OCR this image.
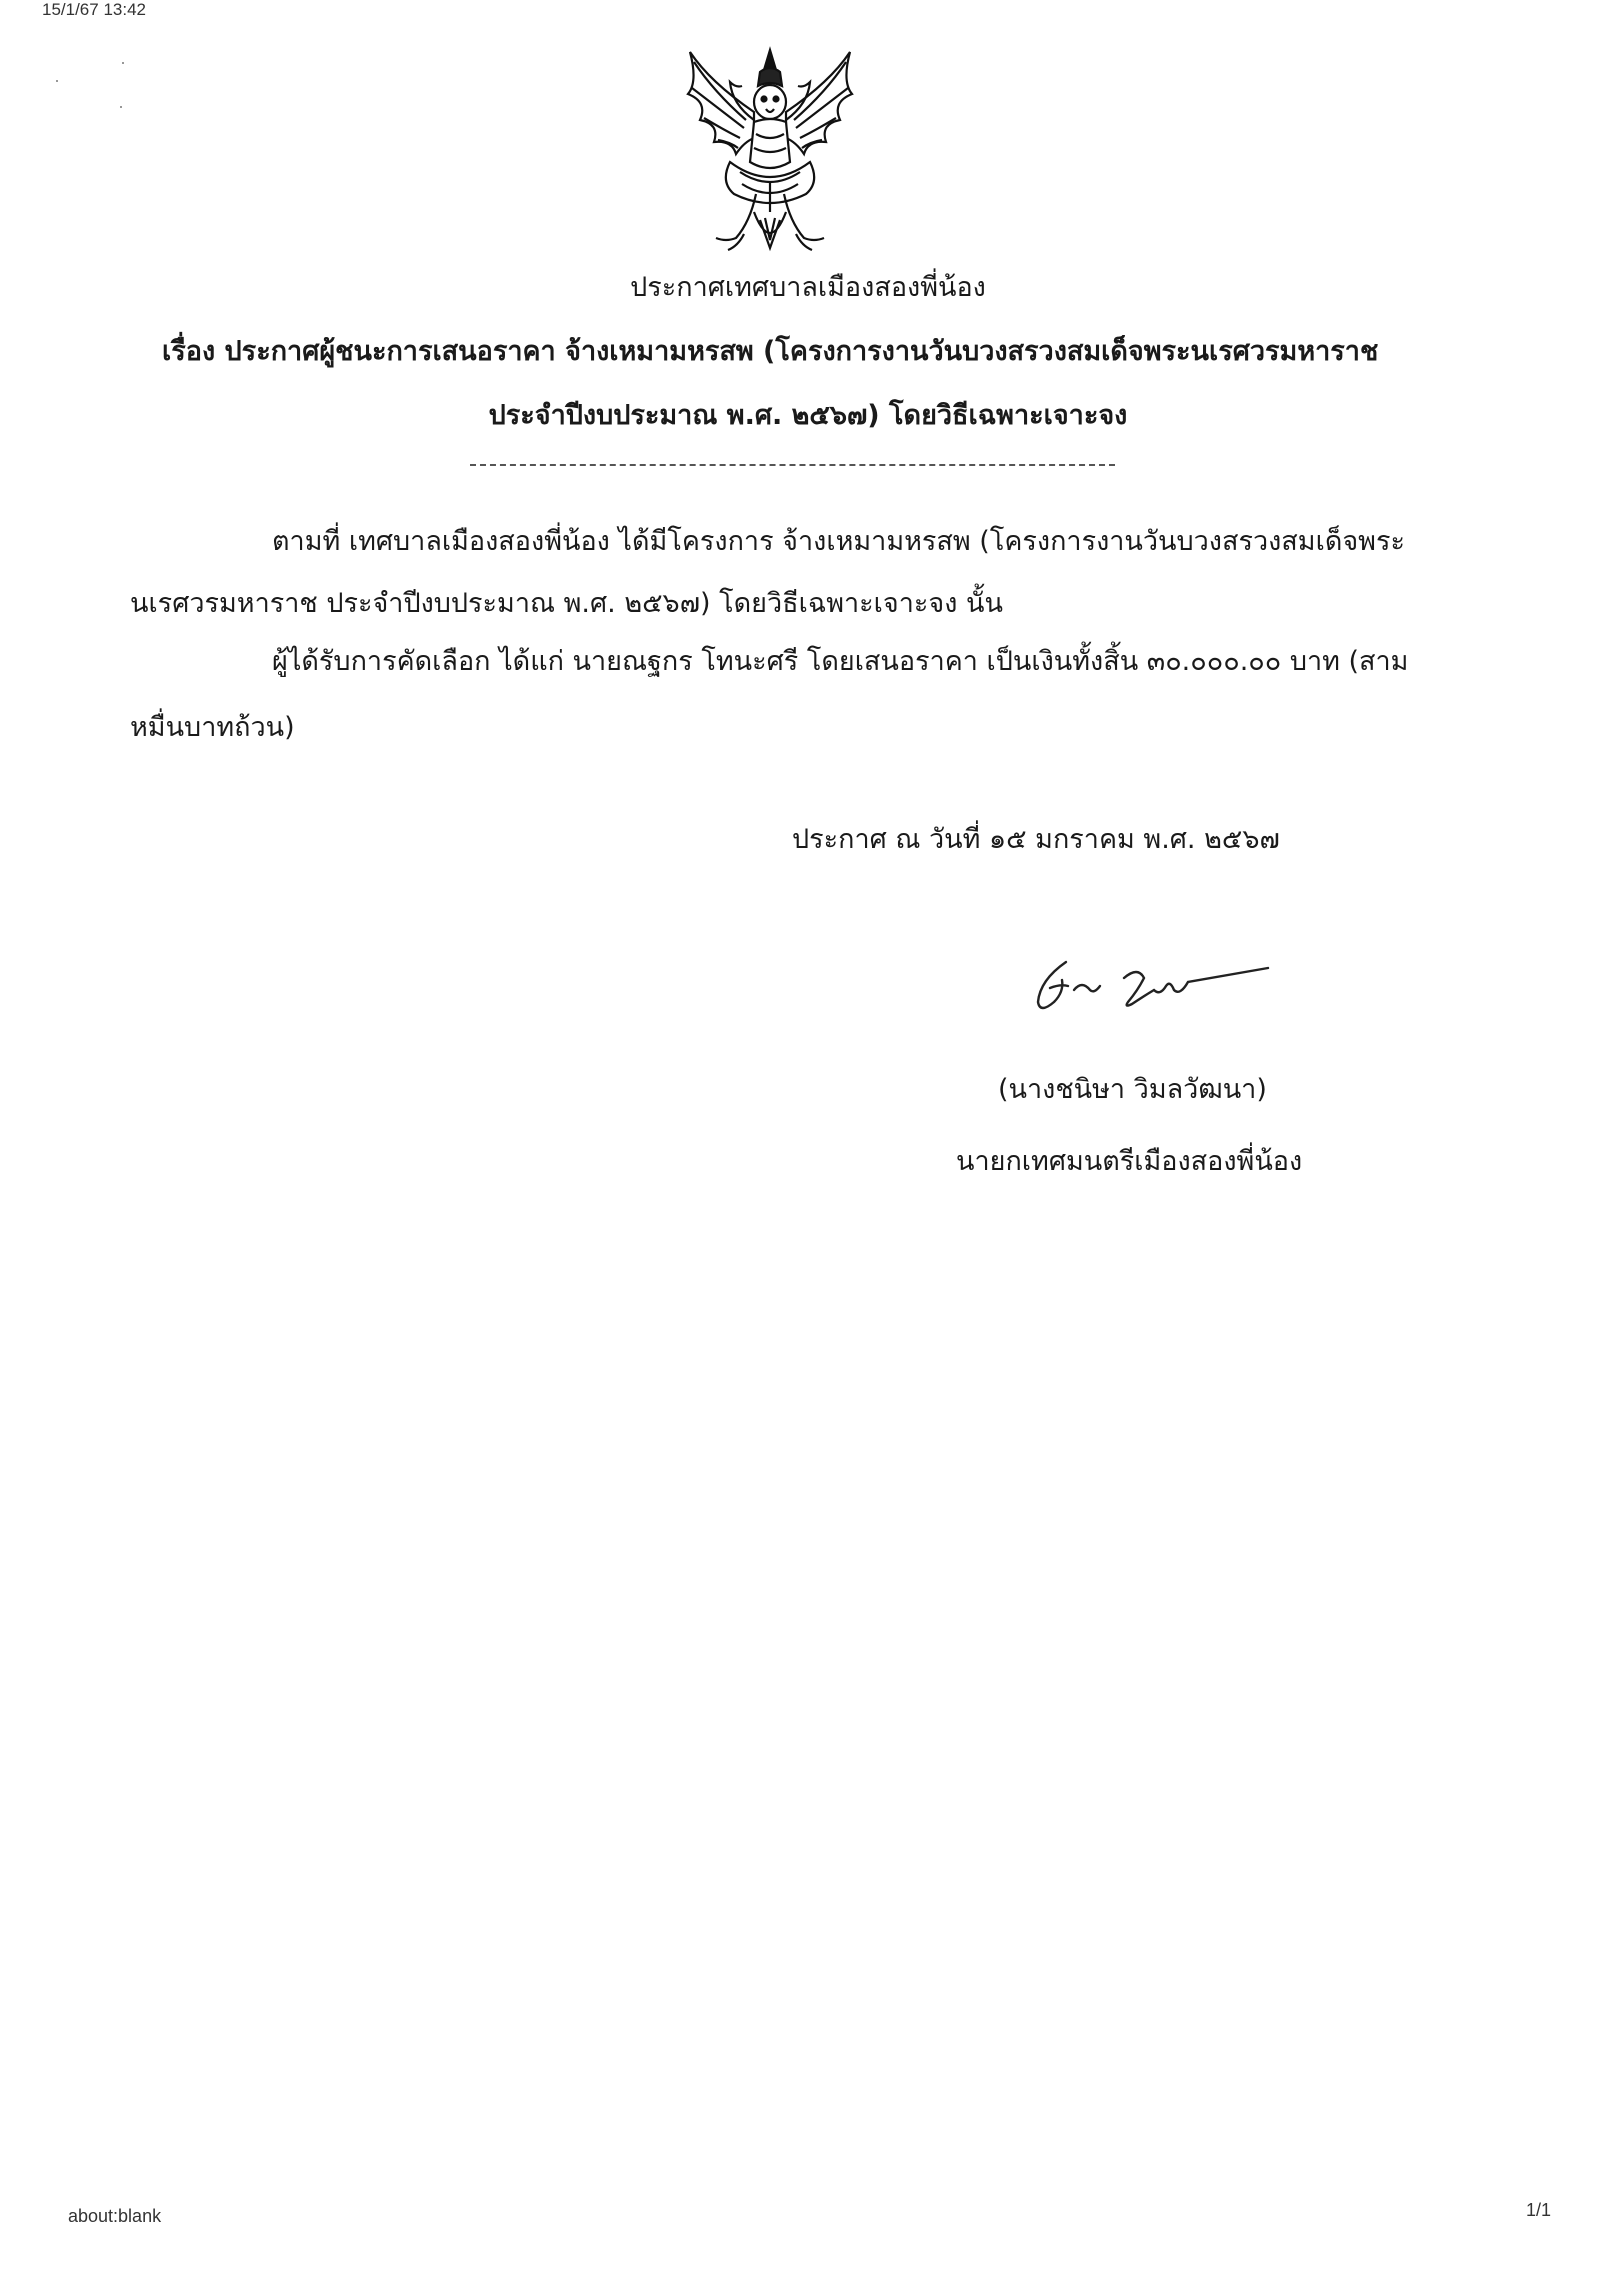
15/1/67 13:42
ประกาศเทศบาลเมืองสองพี่น้อง
เรื่อง ประกาศผู้ชนะการเสนอราคา จ้างเหมามหรสพ (โครงการงานวันบวงสรวงสมเด็จพระนเรศวรมหาราช
ประจำปีงบประมาณ พ.ศ. ๒๕๖๗) โดยวิธีเฉพาะเจาะจง
ตามที่ เทศบาลเมืองสองพี่น้อง ได้มีโครงการ จ้างเหมามหรสพ (โครงการงานวันบวงสรวงสมเด็จพระ
นเรศวรมหาราช ประจำปีงบประมาณ พ.ศ. ๒๕๖๗) โดยวิธีเฉพาะเจาะจง นั้น
ผู้ได้รับการคัดเลือก ได้แก่ นายณฐกร โทนะศรี โดยเสนอราคา เป็นเงินทั้งสิ้น ๓๐.๐๐๐.๐๐ บาท (สาม
หมื่นบาทถ้วน)
ประกาศ ณ วันที่ ๑๕ มกราคม พ.ศ. ๒๕๖๗
(นางชนิษา วิมลวัฒนา)
นายกเทศมนตรีเมืองสองพี่น้อง
about:blank	1/1
